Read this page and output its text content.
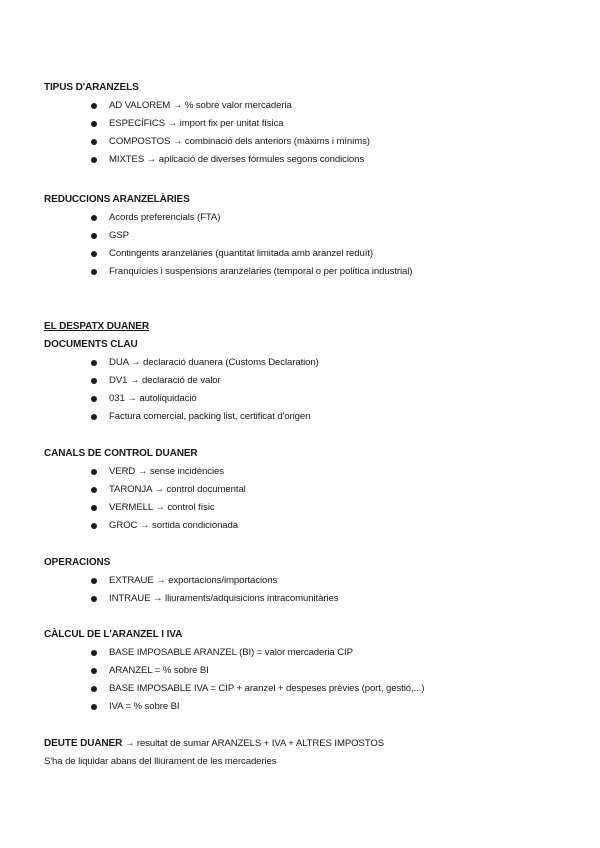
TIPUS D'ARANZELS
AD VALOREM → % sobre valor mercaderia
ESPECÍFICS → import fix per unitat física
COMPOSTOS → combinació dels anteriors (màxims i mínims)
MIXTES → aplicació de diverses fórmules segons condicions
REDUCCIONS ARANZELÀRIES
Acords preferencials (FTA)
GSP
Contingents aranzelàries (quantitat limitada amb aranzel reduït)
Franquícies i suspensions aranzelàries (temporal o per política industrial)
EL DESPATX DUANER
DOCUMENTS CLAU
DUA → declaració duanera (Customs Declaration)
DV1 → declaració de valor
031 → autoliquidació
Factura comercial, packing list, certificat d'origen
CANALS DE CONTROL DUANER
VERD → sense incidències
TARONJA → control documental
VERMELL → control físic
GROC → sortida condicionada
OPERACIONS
EXTRAUE → exportacions/importacions
INTRAUE → lliuraments/adquisicions intracomunitàries
CÀLCUL DE L'ARANZEL I IVA
BASE IMPOSABLE ARANZEL (BI) = valor mercaderia CIP
ARANZEL = % sobre BI
BASE IMPOSABLE IVA = CIP + aranzel + despeses prèvies (port, gestió,...)
IVA = % sobre BI
DEUTE DUANER → resultat de sumar ARANZELS + IVA + ALTRES IMPOSTOS
S'ha de liquidar abans del lliurament de les mercaderies
